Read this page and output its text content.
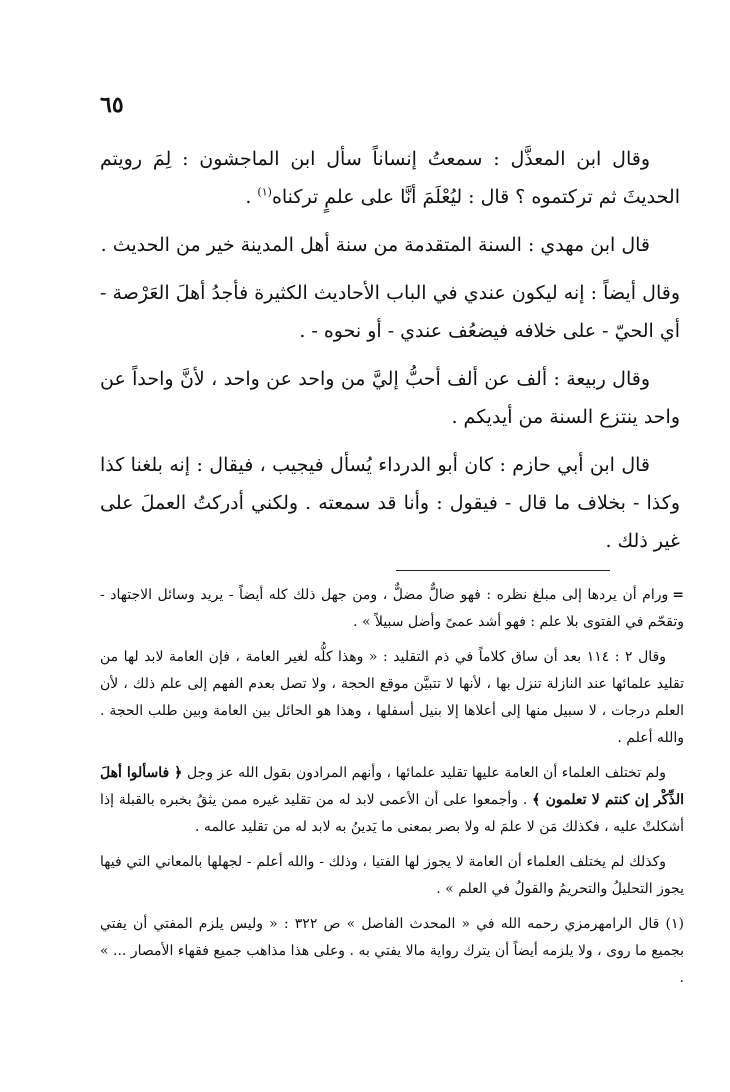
٦٥

وقال ابن المعذَّل : سمعتُ إنساناً سأل ابن الماجشون : لِمَ رويتم الحديثَ ثم تركتموه ؟ قال : ليُعْلَمَ أنَّا على علمٍ تركناه$^{(١)}$ .

قال ابن مهدي : السنة المتقدمة من سنة أهل المدينة خير من الحديث .

وقال أيضاً : إنه ليكون عندي في الباب الأحاديث الكثيرة فأجدُ أهلَ العَرْصة - أي الحيّ - على خلافه فيضعُف عندي - أو نحوه - .

وقال ربيعة : ألف عن ألف أحبُّ إليَّ من واحد عن واحد ، لأنَّ واحداً عن واحد ينتزع السنة من أيديكم .

قال ابن أبي حازم : كان أبو الدرداء يُسأل فيجيب ، فيقال : إنه بلغنا كذا وكذا - بخلاف ما قال - فيقول : وأنا قد سمعته . ولكني أدركتُ العملَ على غير ذلك .

=ورام أن يردها إلى مبلغ نظره : فهو ضالٌّ مضلٌّ ، ومن جهل ذلك كله أيضاً - يريد وسائل الاجتهاد - وتقحّم في الفتوى بلا علم : فهو أشد عمىً وأضل سبيلاً » .

وقال ٢ : ١١٤ بعد أن ساق كلاماً في ذم التقليد : « وهذا كلُّه لغير العامة ، فإن العامة لابد لها من تقليد علمائها عند النازلة تنزل بها ، لأنها لا تتبيَّن موقع الحجة ، ولا تصل بعدم الفهم إلى علم ذلك ، لأن العلم درجات ، لا سبيل منها إلى أعلاها إلا بنيل أسفلها ، وهذا هو الحائل بين العامة وبين طلب الحجة . والله أعلم .

ولم تختلف العلماء أن العامة عليها تقليد علمائها ، وأنهم المرادون بقول الله عز وجل ﴿ فاسألوا أهلَ الذِّكْر إن كنتم لا تعلمون ﴾ . وأجمعوا على أن الأعمى لابد له من تقليد غيره ممن يثقُ بخبره بالقبلة إذا أشكلتْ عليه ، فكذلك مَن لا علمَ له ولا بصر بمعنى ما يَدينُ به لابد له من تقليد عالمه .

وكذلك لم يختلف العلماء أن العامة لا يجوز لها الفتيا ، وذلك - والله أعلم - لجهلها بالمعاني التي فيها يجوز التحليلُ والتحريمُ والقولُ في العلم » .

(١) قال الرامهرمزي رحمه الله في « المحدث الفاصل » ص ٣٢٢ : « وليس يلزم المفتي أن يفتي بجميع ما روى ، ولا يلزمه أيضاً أن يترك رواية مالا يفتي به . وعلى هذا مذاهب جميع فقهاء الأمصار ... » .
